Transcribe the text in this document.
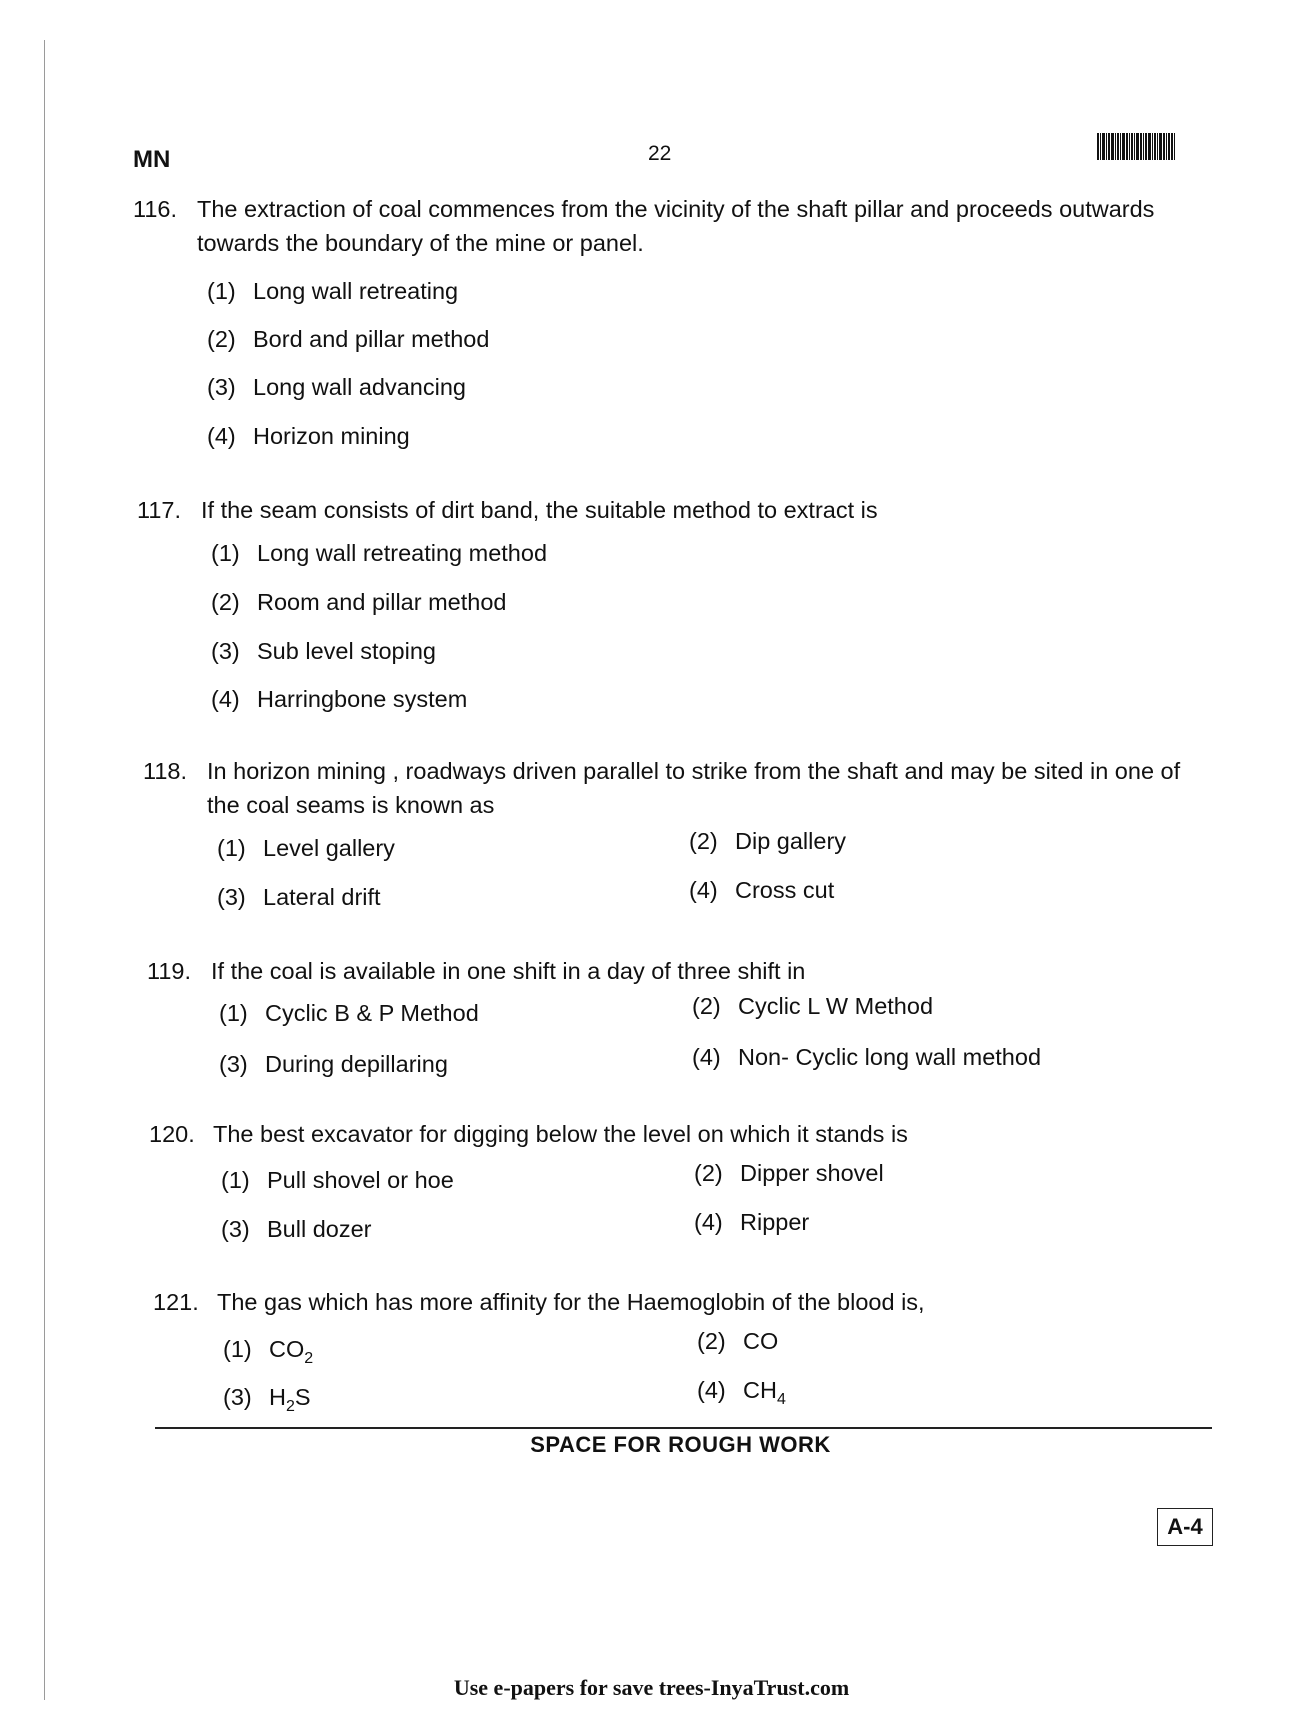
MN	22
116. The extraction of coal commences from the vicinity of the shaft pillar and proceeds outwards towards the boundary of the mine or panel.
(1) Long wall retreating
(2) Bord and pillar method
(3) Long wall advancing
(4) Horizon mining
117. If the seam consists of dirt band, the suitable method to extract is
(1) Long wall retreating method
(2) Room and pillar method
(3) Sub level stoping
(4) Harringbone system
118. In horizon mining , roadways driven parallel to strike from the shaft and may be sited in one of the coal seams is known as
(1) Level gallery	(2) Dip gallery
(3) Lateral drift	(4) Cross cut
119. If the coal is available in one shift in a day of three shift in
(1) Cyclic B & P Method	(2) Cyclic L W Method
(3) During depillaring	(4) Non- Cyclic long wall method
120. The best excavator for digging below the level on which it stands is
(1) Pull shovel or hoe	(2) Dipper shovel
(3) Bull dozer	(4) Ripper
121. The gas which has more affinity for the Haemoglobin of the blood is,
(1) $CO_2$
(2) CO
(3) $H_2S$	(4) $CH_4$
SPACE FOR ROUGH WORK
A-4
Use e-papers for save trees-InyaTrust.com
